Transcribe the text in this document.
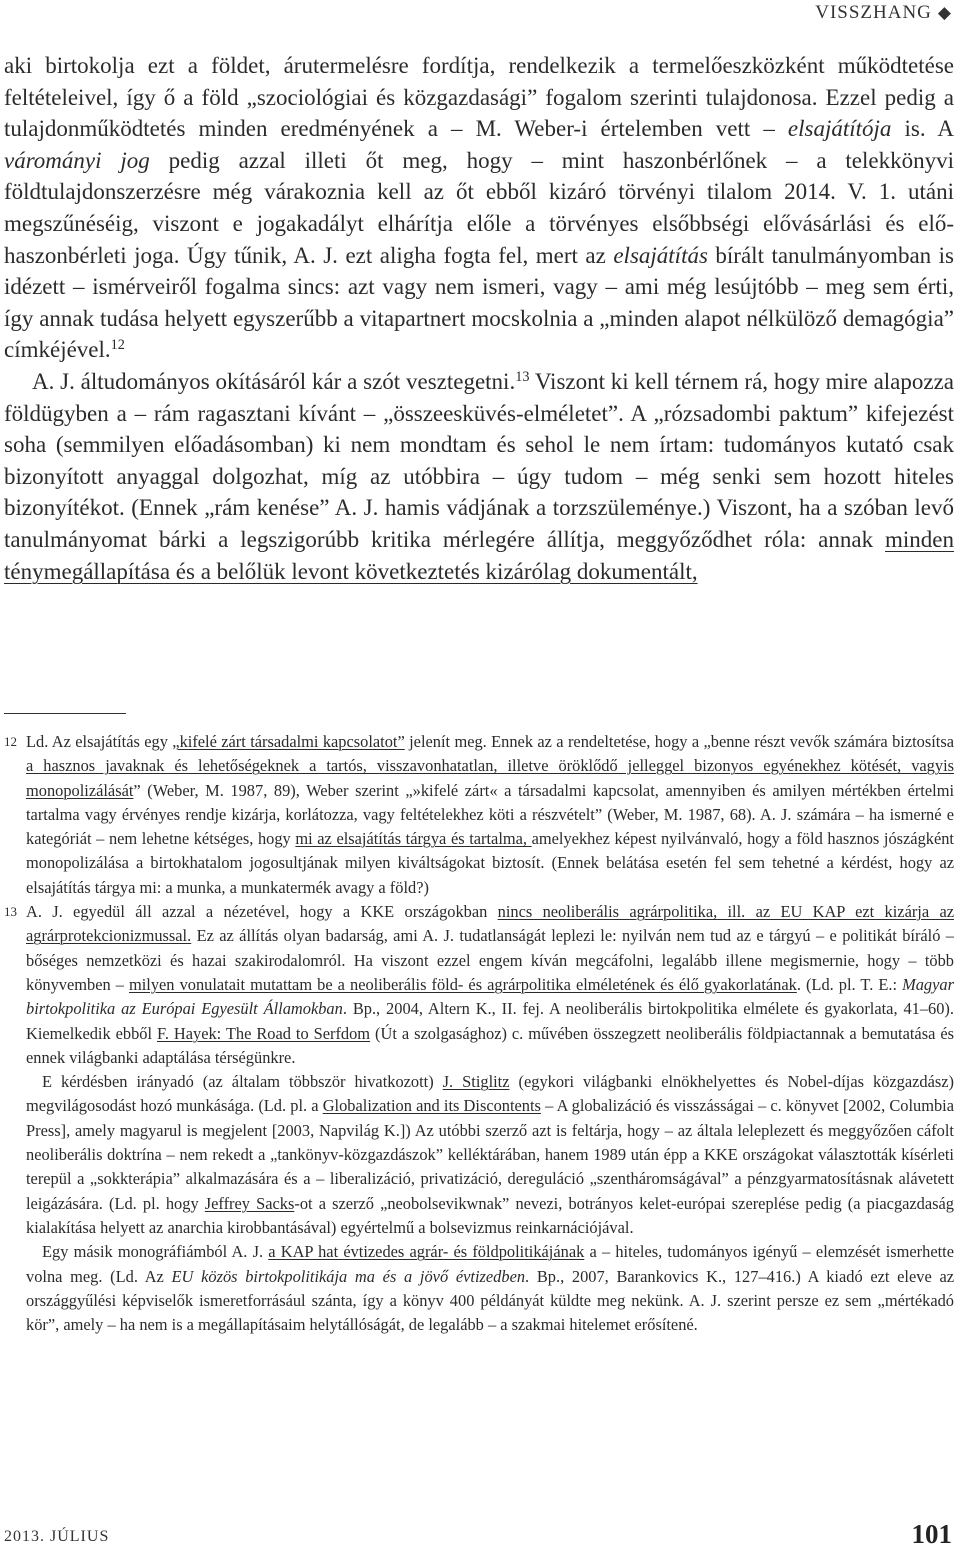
VISSZHANG ◆

aki birtokolja ezt a földet, árutermelésre fordítja, rendelkezik a termelőeszközként működtetése feltételeivel, így ő a föld „szociológiai és közgazdasági” fogalom szerinti tulajdonosa. Ezzel pedig a tulajdonműködtetés minden eredményének a – M. Weber-i értelemben vett – elsajátítója is. A várományi jog pedig azzal illeti őt meg, hogy – mint haszonbérlőnek – a telekkönyvi földtulajdonszerzésre még várakoznia kell az őt ebből kizáró törvényi tilalom 2014. V. 1. utáni megszűnéséig, viszont e jogakadályt elhárítja előle a törvényes elsőbbségi elővásárlási és elő-haszonbérleti joga. Úgy tűnik, A. J. ezt aligha fogta fel, mert az elsajátítás bírált tanulmányomban is idézett – ismérveiről fogalma sincs: azt vagy nem ismeri, vagy – ami még lesújtóbb – meg sem érti, így annak tudása helyett egyszerűbb a vitapartnert mocskolnia a „minden alapot nélkülöző demagógia” címkéjével.$^{12}$

A. J. áltudományos okításáról kár a szót vesztegetni.$^{13}$ Viszont ki kell térnem rá, hogy mire alapozza földügyben a – rám ragasztani kívánt – „összeesküvés-elméletet”. A „rózsadombi paktum” kifejezést soha (semmilyen előadásomban) ki nem mondtam és sehol le nem írtam: tudományos kutató csak bizonyított anyaggal dolgozhat, míg az utóbbira – úgy tudom – még senki sem hozott hiteles bizonyítékot. (Ennek „rám kenése” A. J. hamis vádjának a torzszüleménye.) Viszont, ha a szóban levő tanulmányomat bárki a legszigorúbb kritika mérlegére állítja, meggyőződhet róla: annak minden ténymegállapítása és a belőlük levont következtetés kizárólag dokumentált,

12 Ld. Az elsajátítás egy „kifelé zárt társadalmi kapcsolatot” jelenít meg. Ennek az a rendeltetése, hogy a „benne részt vevők számára biztosítsa a hasznos javaknak és lehetőségeknek a tartós, visszavonhatatlan, illetve öröklődő jelleggel bizonyos egyénekhez kötését, vagyis monopolizálását” (Weber, M. 1987, 89), Weber szerint „»kifelé zárt« a társadalmi kapcsolat, amennyiben és amilyen mértékben értelmi tartalma vagy érvényes rendje kizárja, korlátozza, vagy feltételekhez köti a részvételt” (Weber, M. 1987, 68). A. J. számára – ha ismerné e kategóriát – nem lehetne kétséges, hogy mi az elsajátítás tárgya és tartalma, amelyekhez képest nyilvánvaló, hogy a föld hasznos jószágként monopolizálása a birtokhatalom jogosultjának milyen kiváltságokat biztosít. (Ennek belátása esetén fel sem tehetné a kérdést, hogy az elsajátítás tárgya mi: a munka, a munkatermék avagy a föld?)
13 A. J. egyedül áll azzal a nézetével, hogy a KKE országokban nincs neoliberális agrárpolitika, ill. az EU KAP ezt kizárja az agrárprotekcionizmussal. Ez az állítás olyan badarság, ami A. J. tudatlanságát leplezi le: nyilván nem tud az e tárgyú – e politikát bíráló – bőséges nemzetközi és hazai szakirodalomról. Ha viszont ezzel engem kíván megcáfolni, legalább illene megismernie, hogy – több könyvemben – milyen vonulatait mutattam be a neoliberális föld- és agrárpolitika elméletének és élő gyakorlatának. (Ld. pl. T. E.: Magyar birtokpolitika az Európai Egyesült Államokban. Bp., 2004, Altern K., II. fej. A neoliberális birtokpolitika elmélete és gyakorlata, 41–60). Kiemelkedik ebből F. Hayek: The Road to Serfdom (Út a szolgasághoz) c. művében összegzett neoliberális földpiactannak a bemutatása és ennek világbanki adaptálása térségünkre.

E kérdésben irányadó (az általam többször hivatkozott) J. Stiglitz (egykori világbanki elnökhelyettes és Nobel-díjas közgazdász) megvilágosodást hozó munkásága. (Ld. pl. a Globalization and its Discontents – A globalizáció és visszásságai – c. könyvet [2002, Columbia Press], amely magyarul is megjelent [2003, Napvilág K.]) Az utóbbi szerző azt is feltárja, hogy – az általa leleplezett és meggyőzően cáfolt neoliberális doktrína – nem rekedt a „tankönyv-közgazdászok” kelléktárában, hanem 1989 után épp a KKE országokat választották kísérleti terepül a „sokkterápia” alkalmazására és a – liberalizáció, privatizáció, dereguláció „szentháromságával” a pénzgyarmatosításnak alávetett leigázására. (Ld. pl. hogy Jeffrey Sacks-ot a szerző „neobolsevikwnak” nevezi, botrányos kelet-európai szereplése pedig (a piacgazdaság kialakítása helyett az anarchia kirobbantásával) egyértelmű a bolsevizmus reinkarnációjával.

Egy másik monográfiámból A. J. a KAP hat évtizedes agrár- és földpolitikájának a – hiteles, tudományos igényű – elemzését ismerhette volna meg. (Ld. Az EU közös birtokpolitikája ma és a jövő évtizedben. Bp., 2007, Barankovics K., 127–416.) A kiadó ezt eleve az országgyűlési képviselők ismeretforrásául szánta, így a könyv 400 példányát küldte meg nekünk. A. J. szerint persze ez sem „mértékadó kör”, amely – ha nem is a megállapításaim helytállóságát, de legalább – a szakmai hitelemet erősítené.

2013. JÚLIUS	101
